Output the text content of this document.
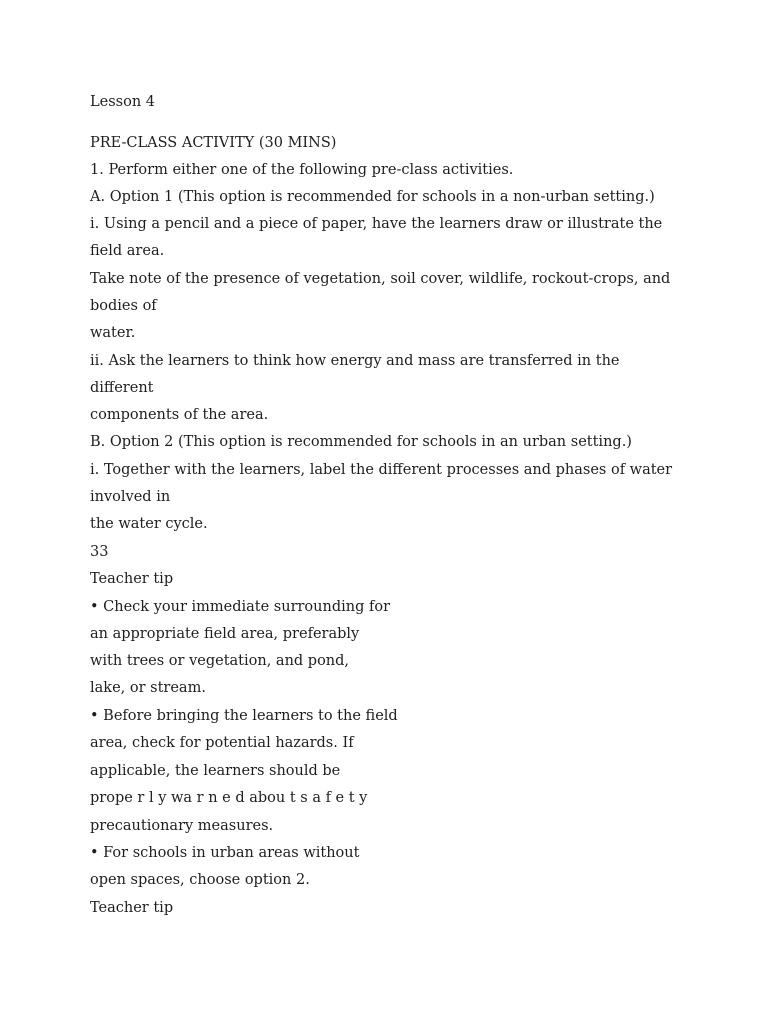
Lesson 4

PRE-CLASS ACTIVITY (30 MINS)

1. Perform either one of the following pre-class activities.

A. Option 1 (This option is recommended for schools in a non-urban setting.)

i. Using a pencil and a piece of paper, have the learners draw or illustrate the

field area.

Take note of the presence of vegetation, soil cover, wildlife, rockout-crops, and

bodies of

water.

ii. Ask the learners to think how energy and mass are transferred in the

different

components of the area.

B. Option 2 (This option is recommended for schools in an urban setting.)

i. Together with the learners, label the different processes and phases of water

involved in

the water cycle.

33

Teacher tip

• Check your immediate surrounding for

an appropriate field area, preferably

with trees or vegetation, and pond,

lake, or stream.

• Before bringing the learners to the field

area, check for potential hazards. If

applicable, the learners should be

prope r l y wa r n e d abou t s a f e t y

precautionary measures.

• For schools in urban areas without

open spaces, choose option 2.

Teacher tip
